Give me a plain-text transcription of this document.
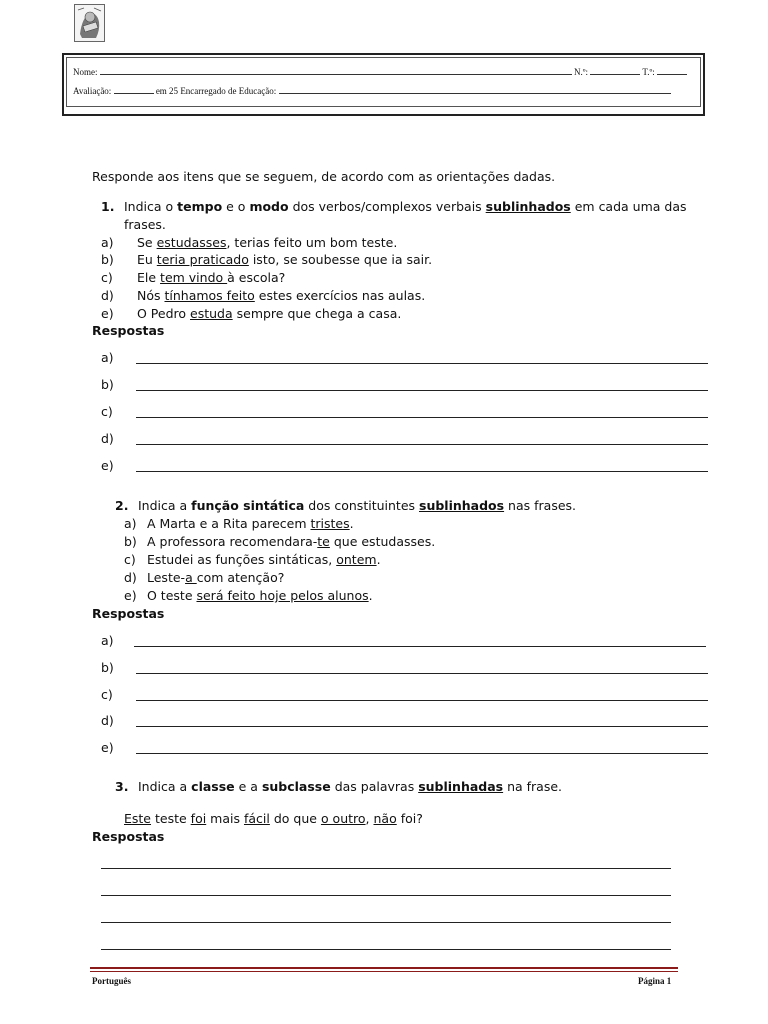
Nome:	N.º:	T.º:
Avaliação:	em 25 Encarregado de Educação:
Responde aos itens que se seguem, de acordo com as orientações dadas.
1. Indica o tempo e o modo dos verbos/complexos verbais sublinhados em cada uma das
frases.
a) Se estudasses, terias feito um bom teste.
b) Eu teria praticado isto, se soubesse que ia sair.
c) Ele tem vindo à escola?
d) Nós tínhamos feito estes exercícios nas aulas.
e) O Pedro estuda sempre que chega a casa.
Respostas
a)
b)
c)
d)
e)
2. Indica a função sintática dos constituintes sublinhados nas frases.
a) A Marta e a Rita parecem tristes.
b) A professora recomendara-te que estudasses.
c) Estudei as funções sintáticas, ontem.
d) Leste-a com atenção?
e) O teste será feito hoje pelos alunos.
Respostas
a)
b)
c)
d)
e)
3. Indica a classe e a subclasse das palavras sublinhadas na frase.
Este teste foi mais fácil do que o outro, não foi?
Respostas
Português	Página 1
